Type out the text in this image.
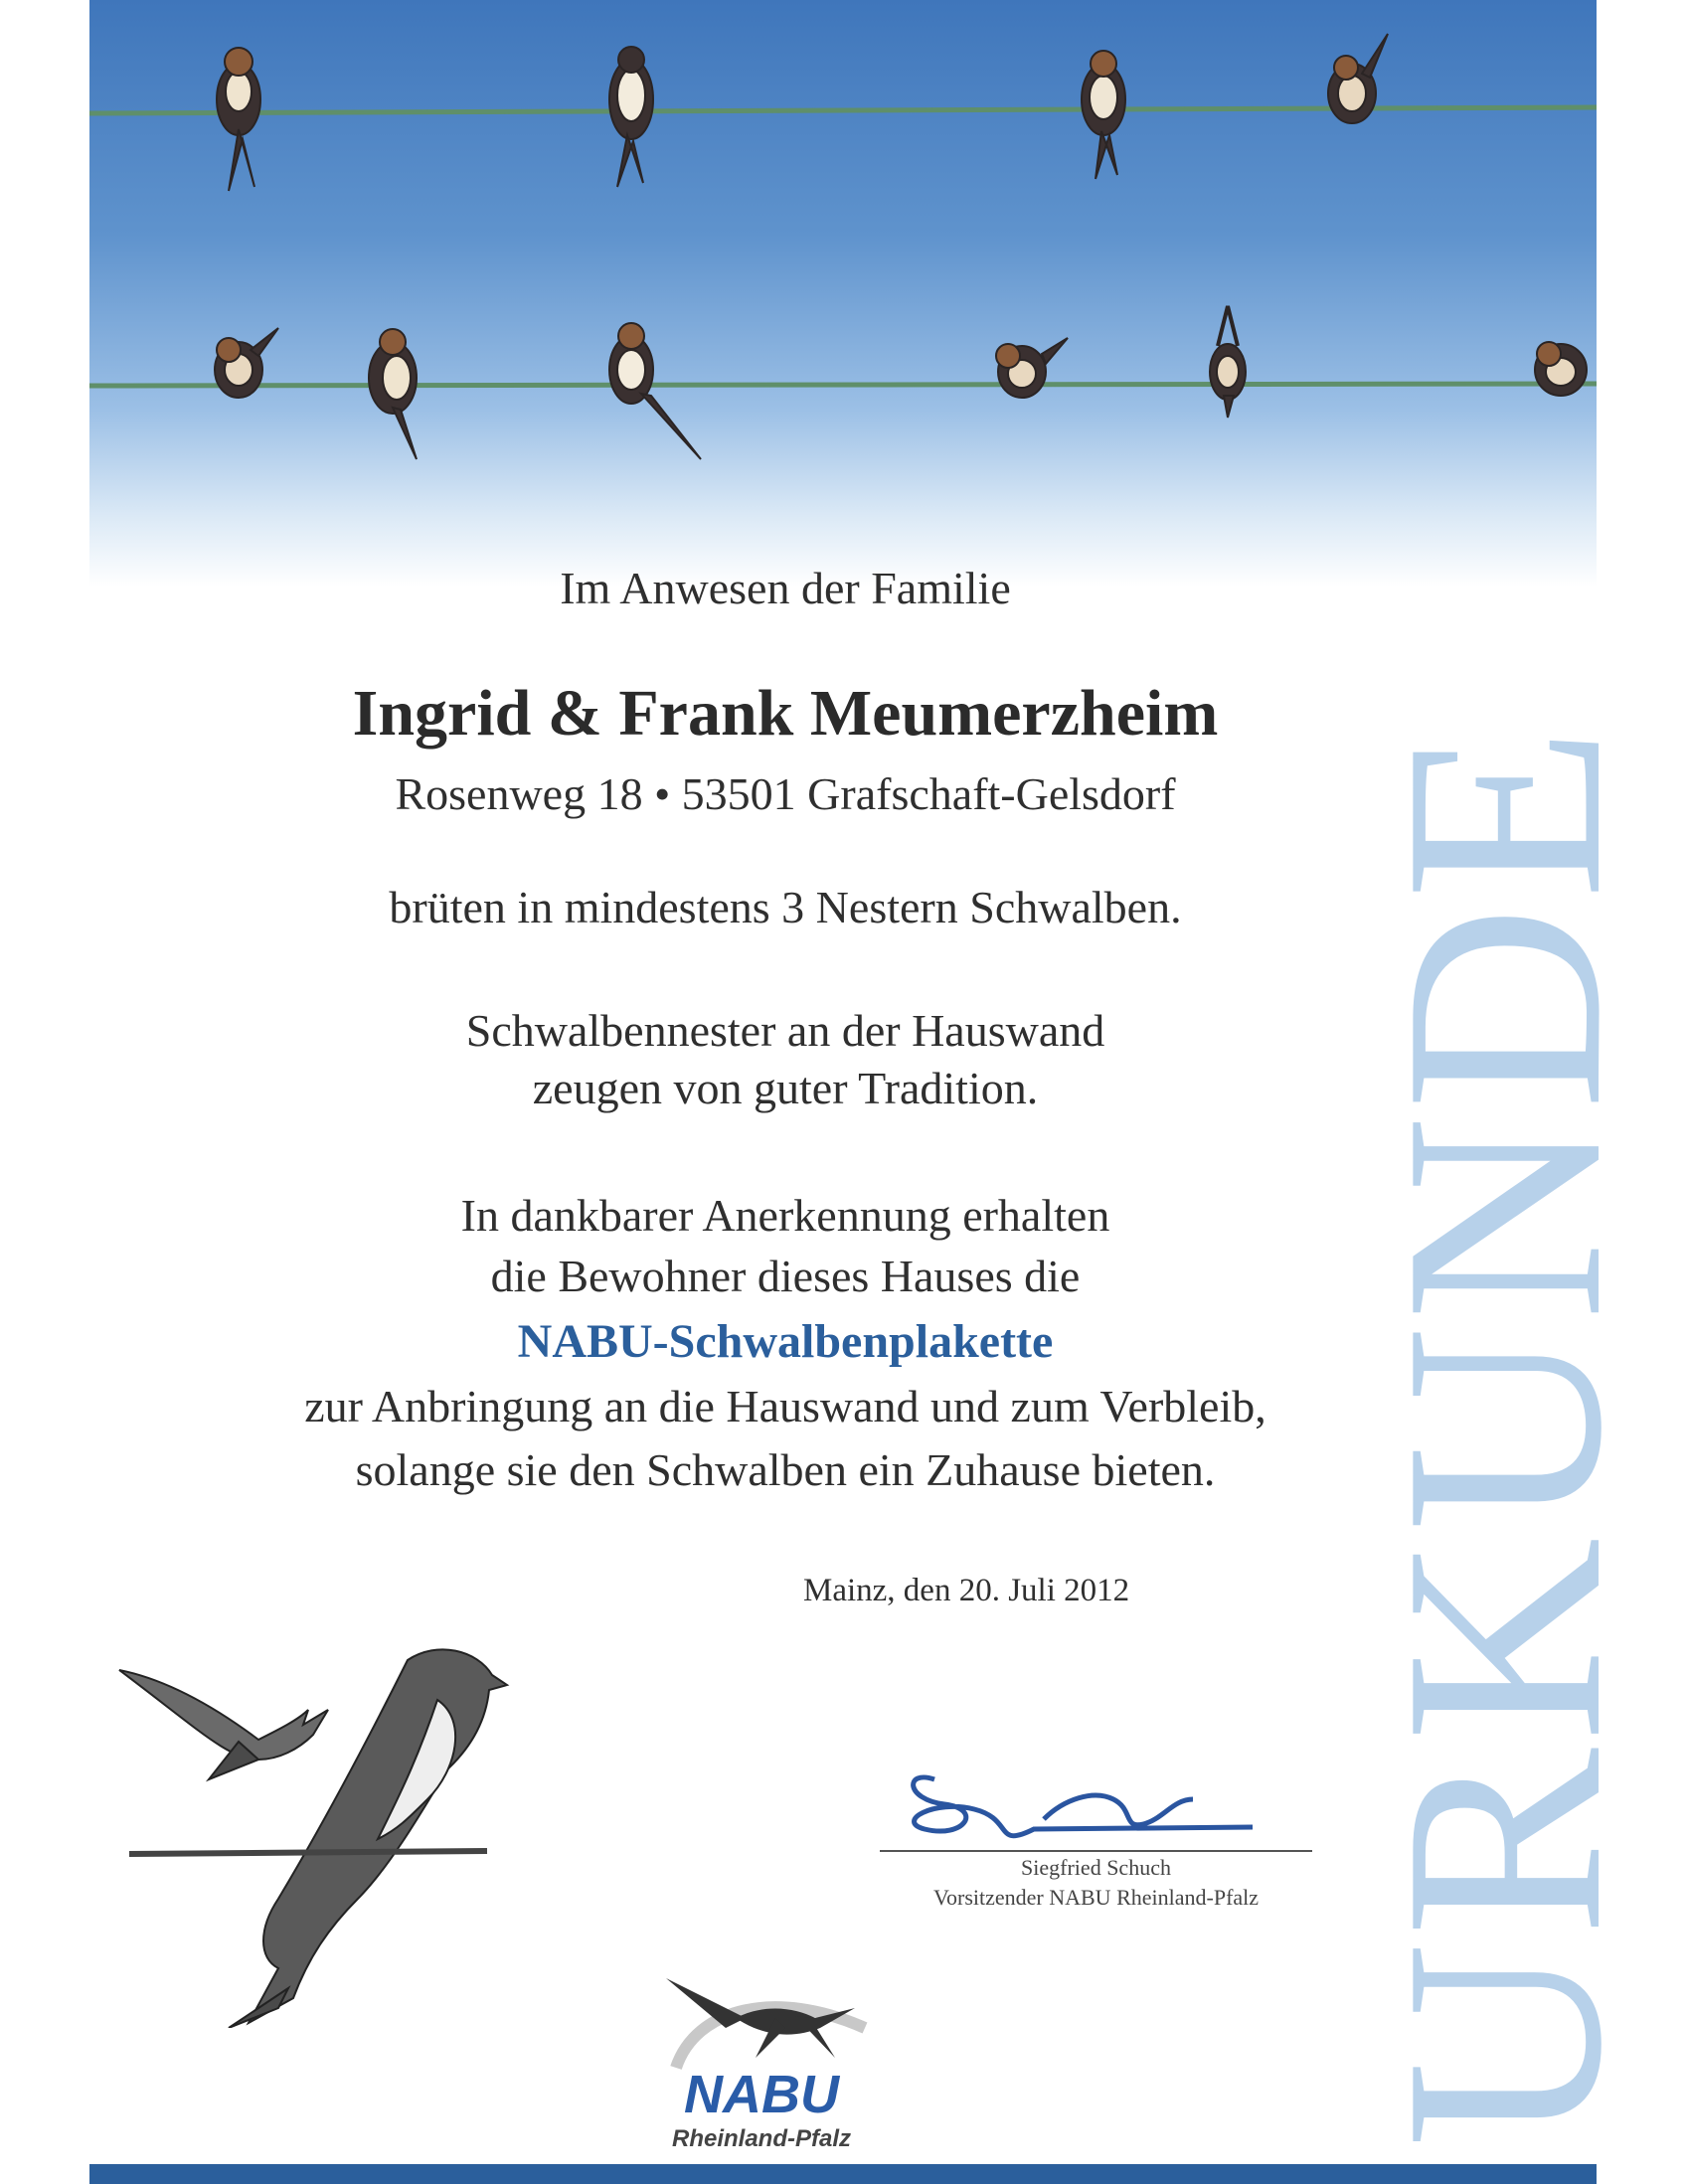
URKUNDE
Im Anwesen der Familie
Ingrid & Frank Meumerzheim
Rosenweg 18 • 53501 Grafschaft-Gelsdorf
brüten in mindestens 3 Nestern Schwalben.
Schwalbennester an der Hauswand
zeugen von guter Tradition.
In dankbarer Anerkennung erhalten
die Bewohner dieses Hauses die
NABU-Schwalbenplakette
zur Anbringung an die Hauswand und zum Verbleib,
solange sie den Schwalben ein Zuhause bieten.
Mainz, den 20. Juli 2012
Siegfried Schuch
Vorsitzender NABU Rheinland-Pfalz
NABU
Rheinland-Pfalz
